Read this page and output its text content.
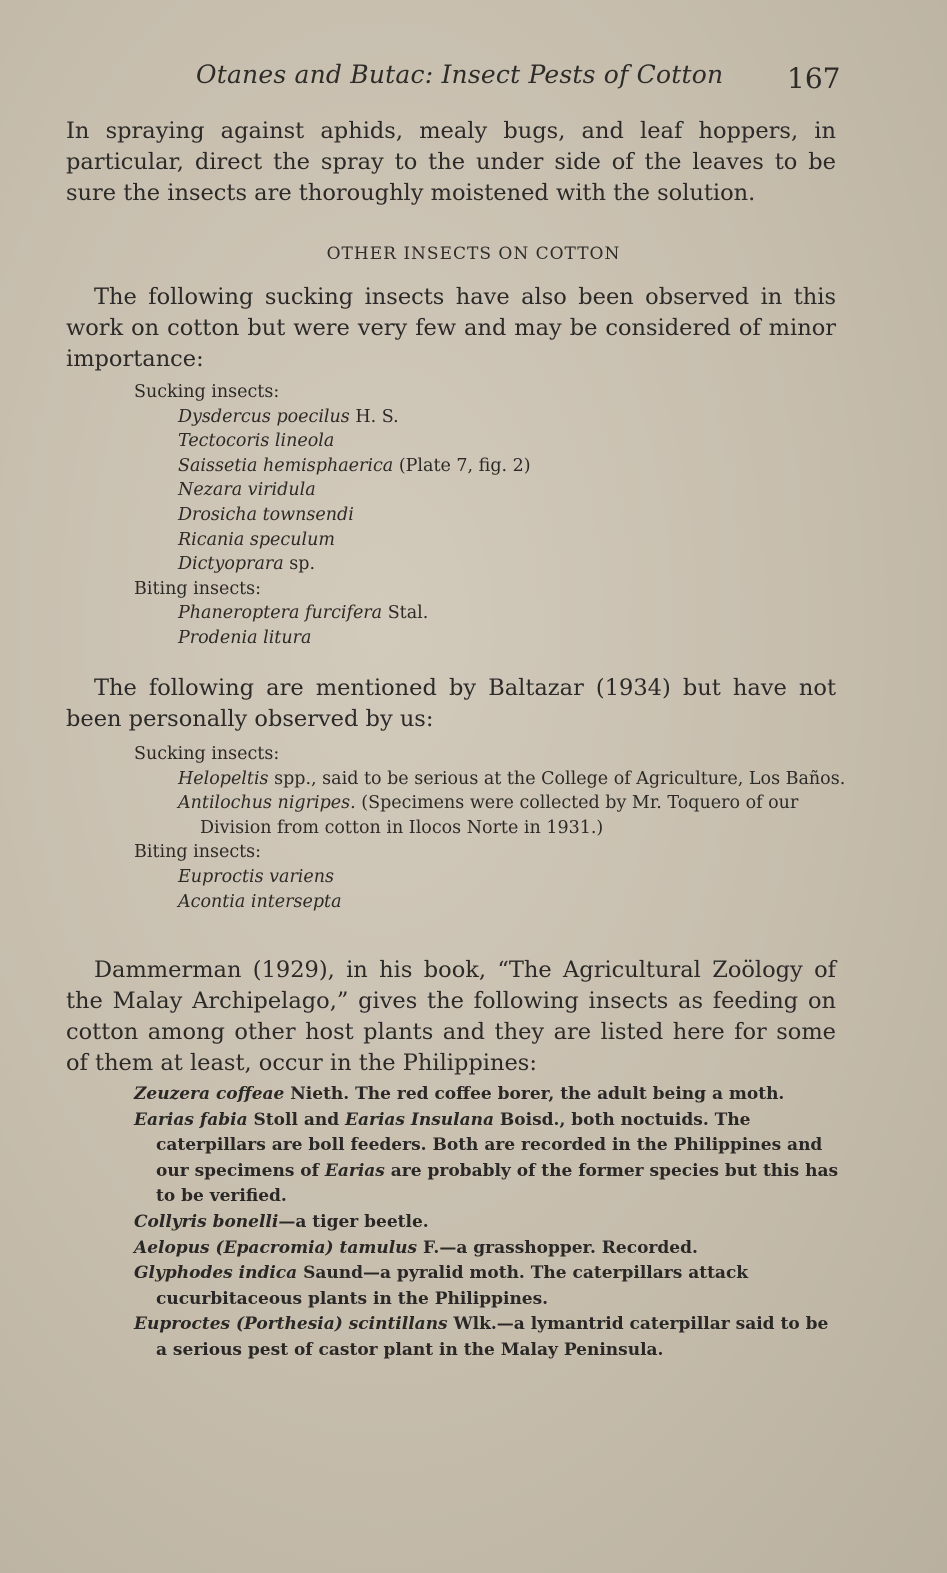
Otanes and Butac: Insect Pests of Cotton 167
In spraying against aphids, mealy bugs, and leaf hoppers, in particular, direct the spray to the under side of the leaves to be sure the insects are thoroughly moistened with the solution.
OTHER INSECTS ON COTTON
The following sucking insects have also been observed in this work on cotton but were very few and may be considered of minor importance:
Sucking insects:
Dysdercus poecilus H. S.
Tectocoris lineola
Saissetia hemisphaerica (Plate 7, fig. 2)
Nezara viridula
Drosicha townsendi
Ricania speculum
Dictyoprara sp.
Biting insects:
Phaneroptera furcifera Stal.
Prodenia litura
The following are mentioned by Baltazar (1934) but have not been personally observed by us:
Sucking insects:
Helopeltis spp., said to be serious at the College of Agriculture, Los Baños.
Antilochus nigripes. (Specimens were collected by Mr. Toquero of our Division from cotton in Ilocos Norte in 1931.)
Biting insects:
Euproctis variens
Acontia intersepta
Dammerman (1929), in his book, “The Agricultural Zoölogy of the Malay Archipelago,” gives the following insects as feeding on cotton among other host plants and they are listed here for some of them at least, occur in the Philippines:
Zeuzera coffeae Nieth. The red coffee borer, the adult being a moth.
Earias fabia Stoll and Earias Insulana Boisd., both noctuids. The caterpillars are boll feeders. Both are recorded in the Philippines and our specimens of Earias are probably of the former species but this has to be verified.
Collyris bonelli—a tiger beetle.
Aelopus (Epacromia) tamulus F.—a grasshopper. Recorded.
Glyphodes indica Saund—a pyralid moth. The caterpillars attack cucurbitaceous plants in the Philippines.
Euproctes (Porthesia) scintillans Wlk.—a lymantrid caterpillar said to be a serious pest of castor plant in the Malay Peninsula.
